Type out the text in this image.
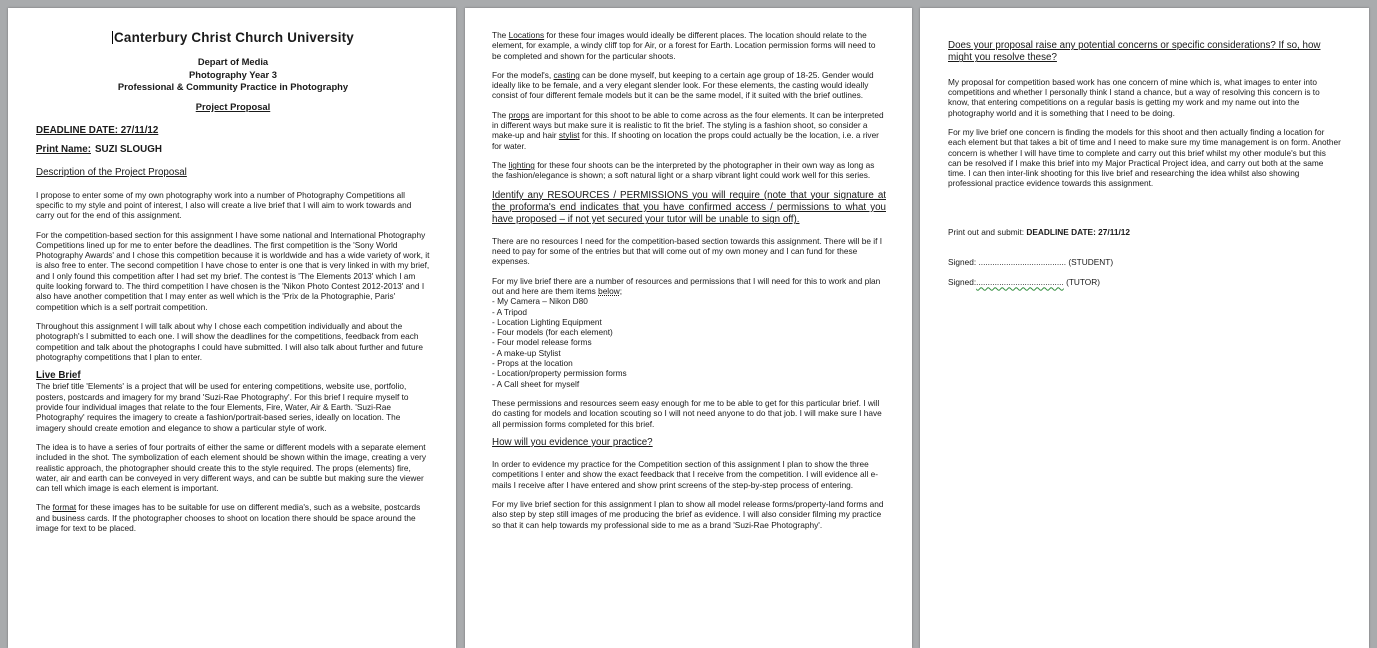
Canterbury Christ Church University
Depart of Media
Photography Year 3
Professional & Community Practice in Photography
Project Proposal
DEADLINE DATE: 27/11/12
Print Name: SUZI SLOUGH
Description of the Project Proposal

I propose to enter some of my own photography work into a number of Photography Competitions all specific to my style and point of interest, I also will create a live brief that I will aim to work towards and carry out for the end of this assignment.

For the competition-based section for this assignment I have some national and International Photography Competitions lined up for me to enter before the deadlines. The first competition is the 'Sony World Photography Awards' and I chose this competition because it is worldwide and has a wide variety of work, it is also free to enter. The second competition I have chose to enter is one that is very linked in with my brief, and I only found this competition after I had set my brief. The contest is 'The Elements 2013' which I am quite looking forward to. The third competition I have chosen is the 'Nikon Photo Contest 2012-2013' and I also have another competition that I may enter as well which is the 'Prix de la Photographie, Paris' competition which is a self portrait competition.

Throughout this assignment I will talk about why I chose each competition individually and about the photograph's I submitted to each one. I will show the deadlines for the competitions, feedback from each competition and talk about the photographs I could have submitted. I will also talk about further and future photography competitions that I plan to enter.

Live Brief

The brief title 'Elements' is a project that will be used for entering competitions, website use, portfolio, posters, postcards and imagery for my brand 'Suzi-Rae Photography'. For this brief I require myself to provide four individual images that relate to the four Elements, Fire, Water, Air & Earth. 'Suzi-Rae Photography' requires the imagery to create a fashion/portrait-based series, ideally on location. The imagery should create emotion and elegance to show a particular style of work.

The idea is to have a series of four portraits of either the same or different models with a separate element included in the shot. The symbolization of each element should be shown within the image, creating a very realistic approach, the photographer should create this to the style required. The props (elements) fire, water, air and earth can be conveyed in very different ways, and can be subtle but making sure the viewer can tell which image is each element is important.

The format for these images has to be suitable for use on different media's, such as a website, postcards and business cards. If the photographer chooses to shoot on location there should be space around the image for text to be placed.

The Locations for these four images would ideally be different places. The location should relate to the element, for example, a windy cliff top for Air, or a forest for Earth. Location permission forms will need to be completed and shown for the particular shoots.

For the model's, casting can be done myself, but keeping to a certain age group of 18-25. Gender would ideally like to be female, and a very elegant slender look. For these elements, the casting would ideally consist of four different female models but it can be the same model, if it suited with the brief outlines.

The props are important for this shoot to be able to come across as the four elements. It can be interpreted in different ways but make sure it is realistic to fit the brief. The styling is a fashion shoot, so consider a make-up and hair stylist for this. If shooting on location the props could actually be the location, i.e. a river for water.

The lighting for these four shoots can be the interpreted by the photographer in their own way as long as the fashion/elegance is shown; a soft natural light or a sharp vibrant light could work well for this series.

Identify any RESOURCES / PERMISSIONS you will require (note that your signature at the proforma's end indicates that you have confirmed access / permissions to what you have proposed – if not yet secured your tutor will be unable to sign off).

There are no resources I need for the competition-based section towards this assignment. There will be if I need to pay for some of the entries but that will come out of my own money and I can fund for these expenses.

For my live brief there are a number of resources and permissions that I will need for this to work and plan out and here are them items below;
- My Camera – Nikon D80
- A Tripod
- Location Lighting Equipment
- Four models (for each element)
- Four model release forms
- A make-up Stylist
- Props at the location
- Location/property permission forms
- A Call sheet for myself

These permissions and resources seem easy enough for me to be able to get for this particular brief. I will do casting for models and location scouting so I will not need anyone to do that job. I will make sure I have all permission forms completed for this brief.

How will you evidence your practice?

In order to evidence my practice for the Competition section of this assignment I plan to show the three competitions I enter and show the exact feedback that I receive from the competition. I will evidence all e-mails I receive after I have entered and show print screens of the step-by-step process of entering.

For my live brief section for this assignment I plan to show all model release forms/property-land forms and also step by step still images of me producing the brief as evidence. I will also consider filming my practice so that it can help towards my professional side to me as a brand 'Suzi-Rae Photography'.

Does your proposal raise any potential concerns or specific considerations? If so, how might you resolve these?

My proposal for competition based work has one concern of mine which is, what images to enter into competitions and whether I personally think I stand a chance, but a way of resolving this concern is to know, that entering competitions on a regular basis is getting my work and my name out into the photography world and it is something that I need to be doing.

For my live brief one concern is finding the models for this shoot and then actually finding a location for each element but that takes a bit of time and I need to make sure my time management is on form. Another concern is whether I will have time to complete and carry out this brief whilst my other module's but this can be resolved if I make this brief into my Major Practical Project idea, and carry out both at the same time. I can then inter-link shooting for this live brief and researching the idea whilst also showing professional practice evidence towards this assignment.

Print out and submit: DEADLINE DATE: 27/11/12
Signed: ...................................... (STUDENT)
Signed:...................................... (TUTOR)
